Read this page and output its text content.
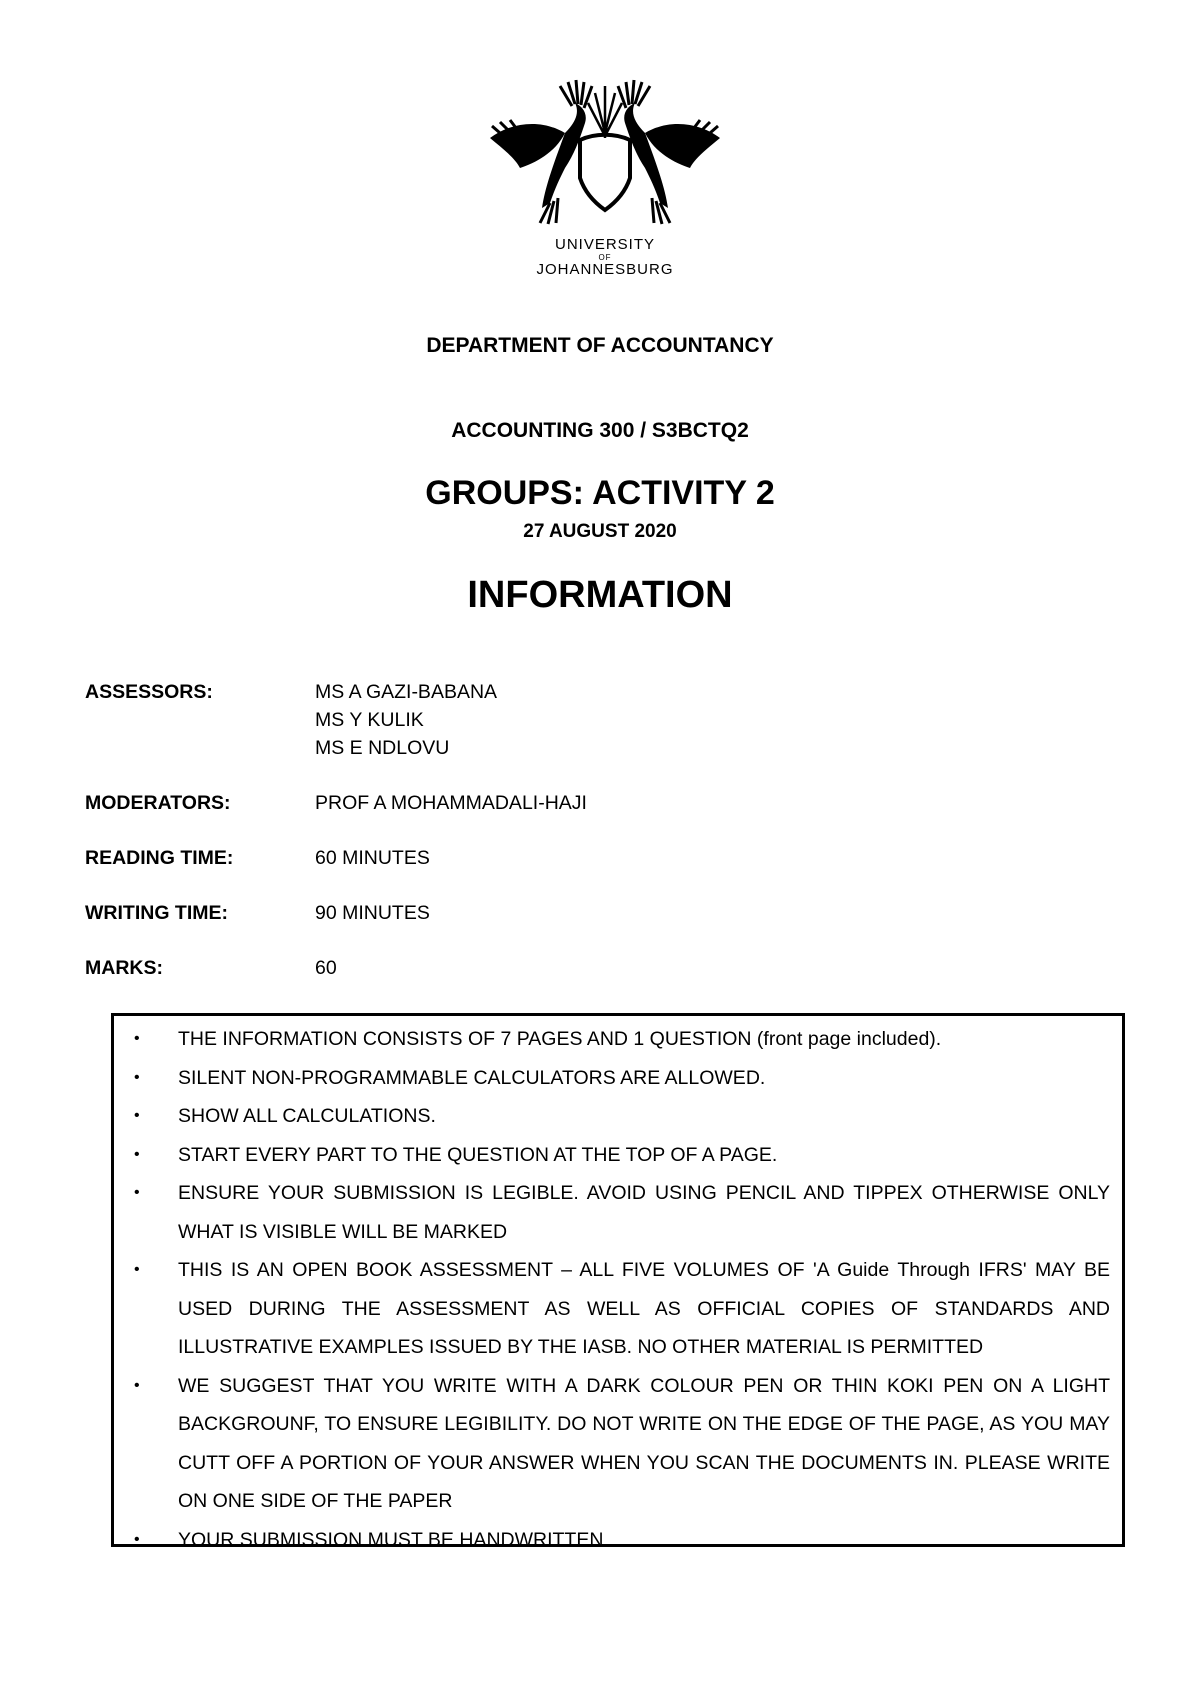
UNIVERSITY
OF
JOHANNESBURG
DEPARTMENT OF ACCOUNTANCY
ACCOUNTING 300 / S3BCTQ2
GROUPS: ACTIVITY 2
27 AUGUST 2020
INFORMATION
ASSESSORS:	MS A GAZI-BABANA
MS Y KULIK
MS E NDLOVU
MODERATORS:	PROF A MOHAMMADALI-HAJI
READING TIME:	60 MINUTES
WRITING TIME:	90 MINUTES
MARKS:	60
•	THE INFORMATION CONSISTS OF 7 PAGES AND 1 QUESTION (front page included).
•	SILENT NON-PROGRAMMABLE CALCULATORS ARE ALLOWED.
•	SHOW ALL CALCULATIONS.
•	START EVERY PART TO THE QUESTION AT THE TOP OF A PAGE.
•	ENSURE YOUR SUBMISSION IS LEGIBLE. AVOID USING PENCIL AND TIPPEX OTHERWISE ONLY WHAT IS VISIBLE WILL BE MARKED
•	THIS IS AN OPEN BOOK ASSESSMENT – ALL FIVE VOLUMES OF 'A Guide Through IFRS' MAY BE USED DURING THE ASSESSMENT AS WELL AS OFFICIAL COPIES OF STANDARDS AND ILLUSTRATIVE EXAMPLES ISSUED BY THE IASB. NO OTHER MATERIAL IS PERMITTED
•	WE SUGGEST THAT YOU WRITE WITH A DARK COLOUR PEN OR THIN KOKI PEN ON A LIGHT BACKGROUNF, TO ENSURE LEGIBILITY. DO NOT WRITE ON THE EDGE OF THE PAGE, AS YOU MAY CUTT OFF A PORTION OF YOUR ANSWER WHEN YOU SCAN THE DOCUMENTS IN. PLEASE WRITE ON ONE SIDE OF THE PAPER
•	YOUR SUBMISSION MUST BE HANDWRITTEN
